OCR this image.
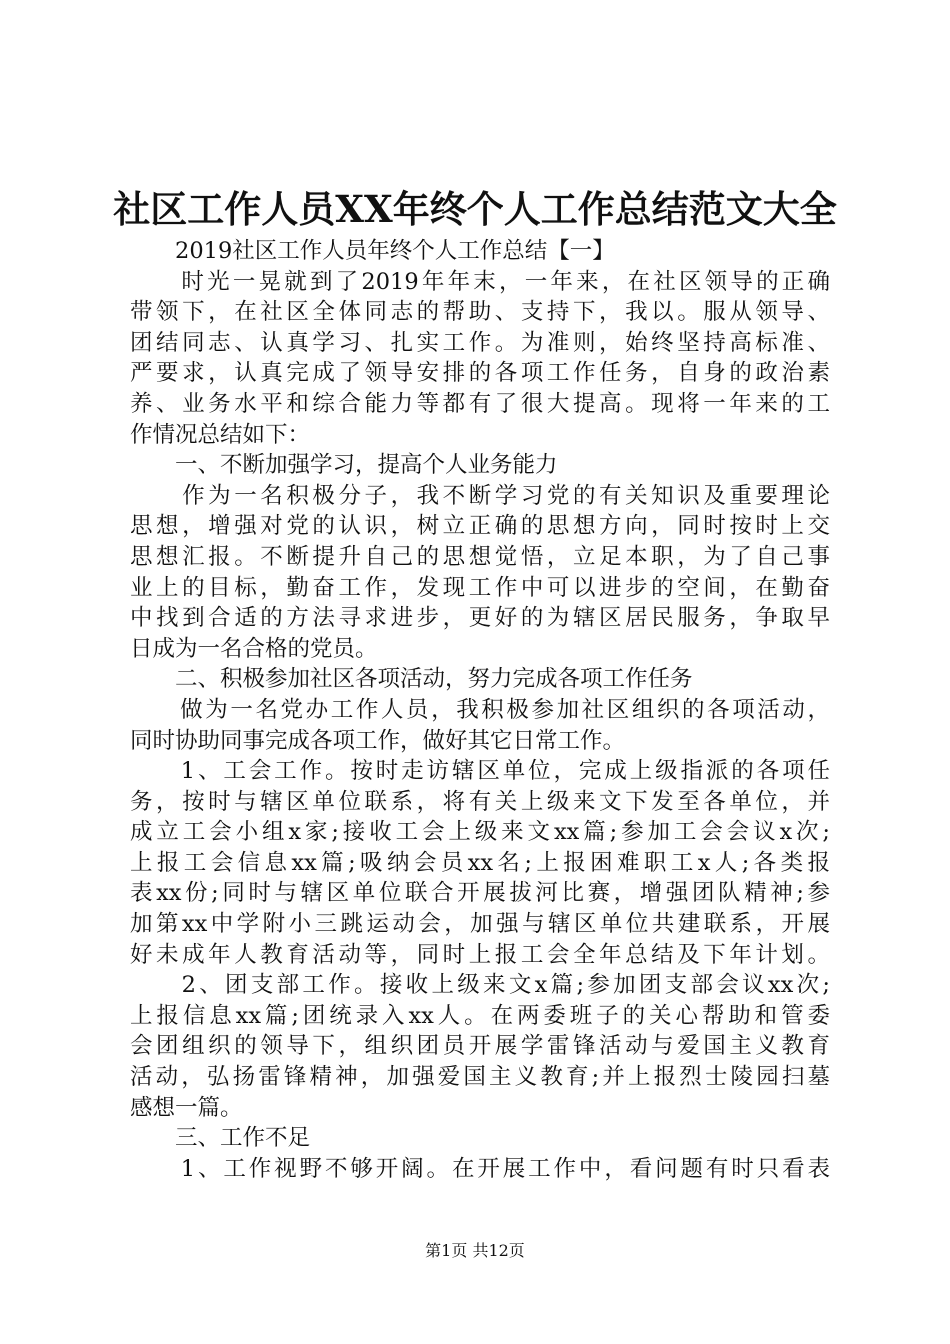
社区工作人员XX年终个人工作总结范文大全
　　2019社区工作人员年终个人工作总结【一】
　　时光一晃就到了2019年年末，一年来，在社区领导的正确
带领下，在社区全体同志的帮助、支持下，我以。服从领导、
团结同志、认真学习、扎实工作。为准则，始终坚持高标准、
严要求，认真完成了领导安排的各项工作任务，自身的政治素
养、业务水平和综合能力等都有了很大提高。现将一年来的工
作情况总结如下：
　　一、不断加强学习，提高个人业务能力
　　作为一名积极分子，我不断学习党的有关知识及重要理论
思想，增强对党的认识，树立正确的思想方向，同时按时上交
思想汇报。不断提升自己的思想觉悟，立足本职，为了自己事
业上的目标，勤奋工作，发现工作中可以进步的空间，在勤奋
中找到合适的方法寻求进步，更好的为辖区居民服务，争取早
日成为一名合格的党员。
　　二、积极参加社区各项活动，努力完成各项工作任务
　　做为一名党办工作人员，我积极参加社区组织的各项活动，
同时协助同事完成各项工作，做好其它日常工作。
　　1、工会工作。按时走访辖区单位，完成上级指派的各项任
务，按时与辖区单位联系，将有关上级来文下发至各单位，并
成立工会小组x家;接收工会上级来文xx篇;参加工会会议x次;
上报工会信息xx篇;吸纳会员xx名;上报困难职工x人;各类报
表xx份;同时与辖区单位联合开展拔河比赛，增强团队精神;参
加第xx中学附小三跳运动会，加强与辖区单位共建联系，开展
好未成年人教育活动等，同时上报工会全年总结及下年计划。
　　2、团支部工作。接收上级来文x篇;参加团支部会议xx次;
上报信息xx篇;团统录入xx人。在两委班子的关心帮助和管委
会团组织的领导下，组织团员开展学雷锋活动与爱国主义教育
活动，弘扬雷锋精神，加强爱国主义教育;并上报烈士陵园扫墓
感想一篇。
　　三、工作不足
　　1、工作视野不够开阔。在开展工作中，看问题有时只看表
第1页 共12页
